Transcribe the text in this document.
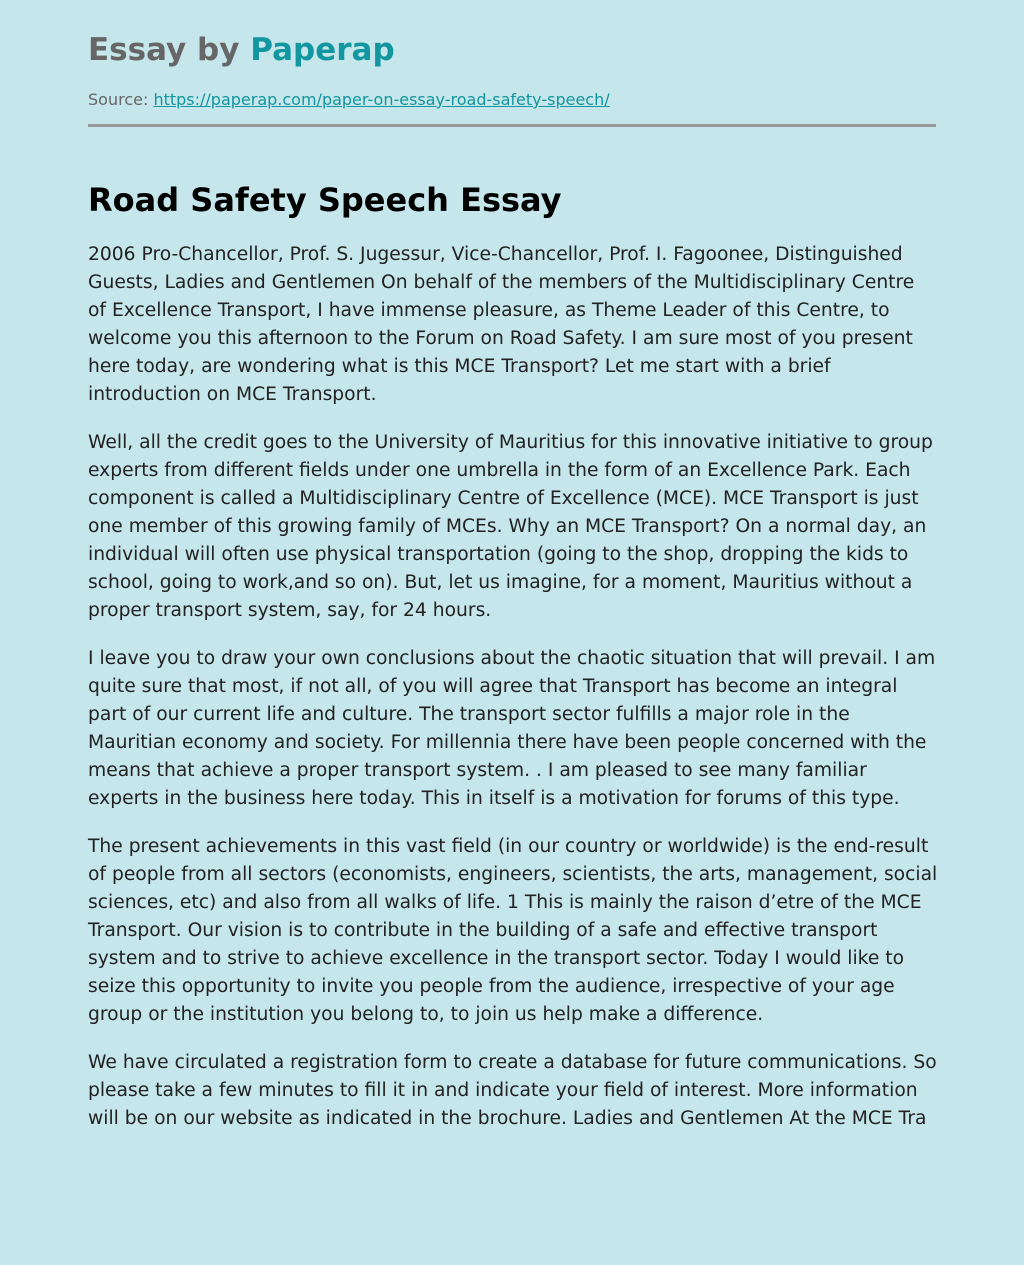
Essay by Paperap
Source: https://paperap.com/paper-on-essay-road-safety-speech/
Road Safety Speech Essay

2006 Pro-Chancellor, Prof. S. Jugessur, Vice-Chancellor, Prof. I. Fagoonee, Distinguished Guests, Ladies and Gentlemen On behalf of the members of the Multidisciplinary Centre of Excellence Transport, I have immense pleasure, as Theme Leader of this Centre, to welcome you this afternoon to the Forum on Road Safety. I am sure most of you present here today, are wondering what is this MCE Transport? Let me start with a brief introduction on MCE Transport.

Well, all the credit goes to the University of Mauritius for this innovative initiative to group experts from different fields under one umbrella in the form of an Excellence Park. Each component is called a Multidisciplinary Centre of Excellence (MCE). MCE Transport is just one member of this growing family of MCEs. Why an MCE Transport? On a normal day, an individual will often use physical transportation (going to the shop, dropping the kids to school, going to work,and so on). But, let us imagine, for a moment, Mauritius without a proper transport system, say, for 24 hours.

I leave you to draw your own conclusions about the chaotic situation that will prevail. I am quite sure that most, if not all, of you will agree that Transport has become an integral part of our current life and culture. The transport sector fulfills a major role in the Mauritian economy and society. For millennia there have been people concerned with the means that achieve a proper transport system. . I am pleased to see many familiar experts in the business here today. This in itself is a motivation for forums of this type.

The present achievements in this vast field (in our country or worldwide) is the end-result of people from all sectors (economists, engineers, scientists, the arts, management, social sciences, etc) and also from all walks of life. 1 This is mainly the raison d’etre of the MCE Transport. Our vision is to contribute in the building of a safe and effective transport system and to strive to achieve excellence in the transport sector. Today I would like to seize this opportunity to invite you people from the audience, irrespective of your age group or the institution you belong to, to join us help make a difference.

We have circulated a registration form to create a database for future communications. So please take a few minutes to fill it in and indicate your field of interest. More information will be on our website as indicated in the brochure. Ladies and Gentlemen At the MCE Tra
